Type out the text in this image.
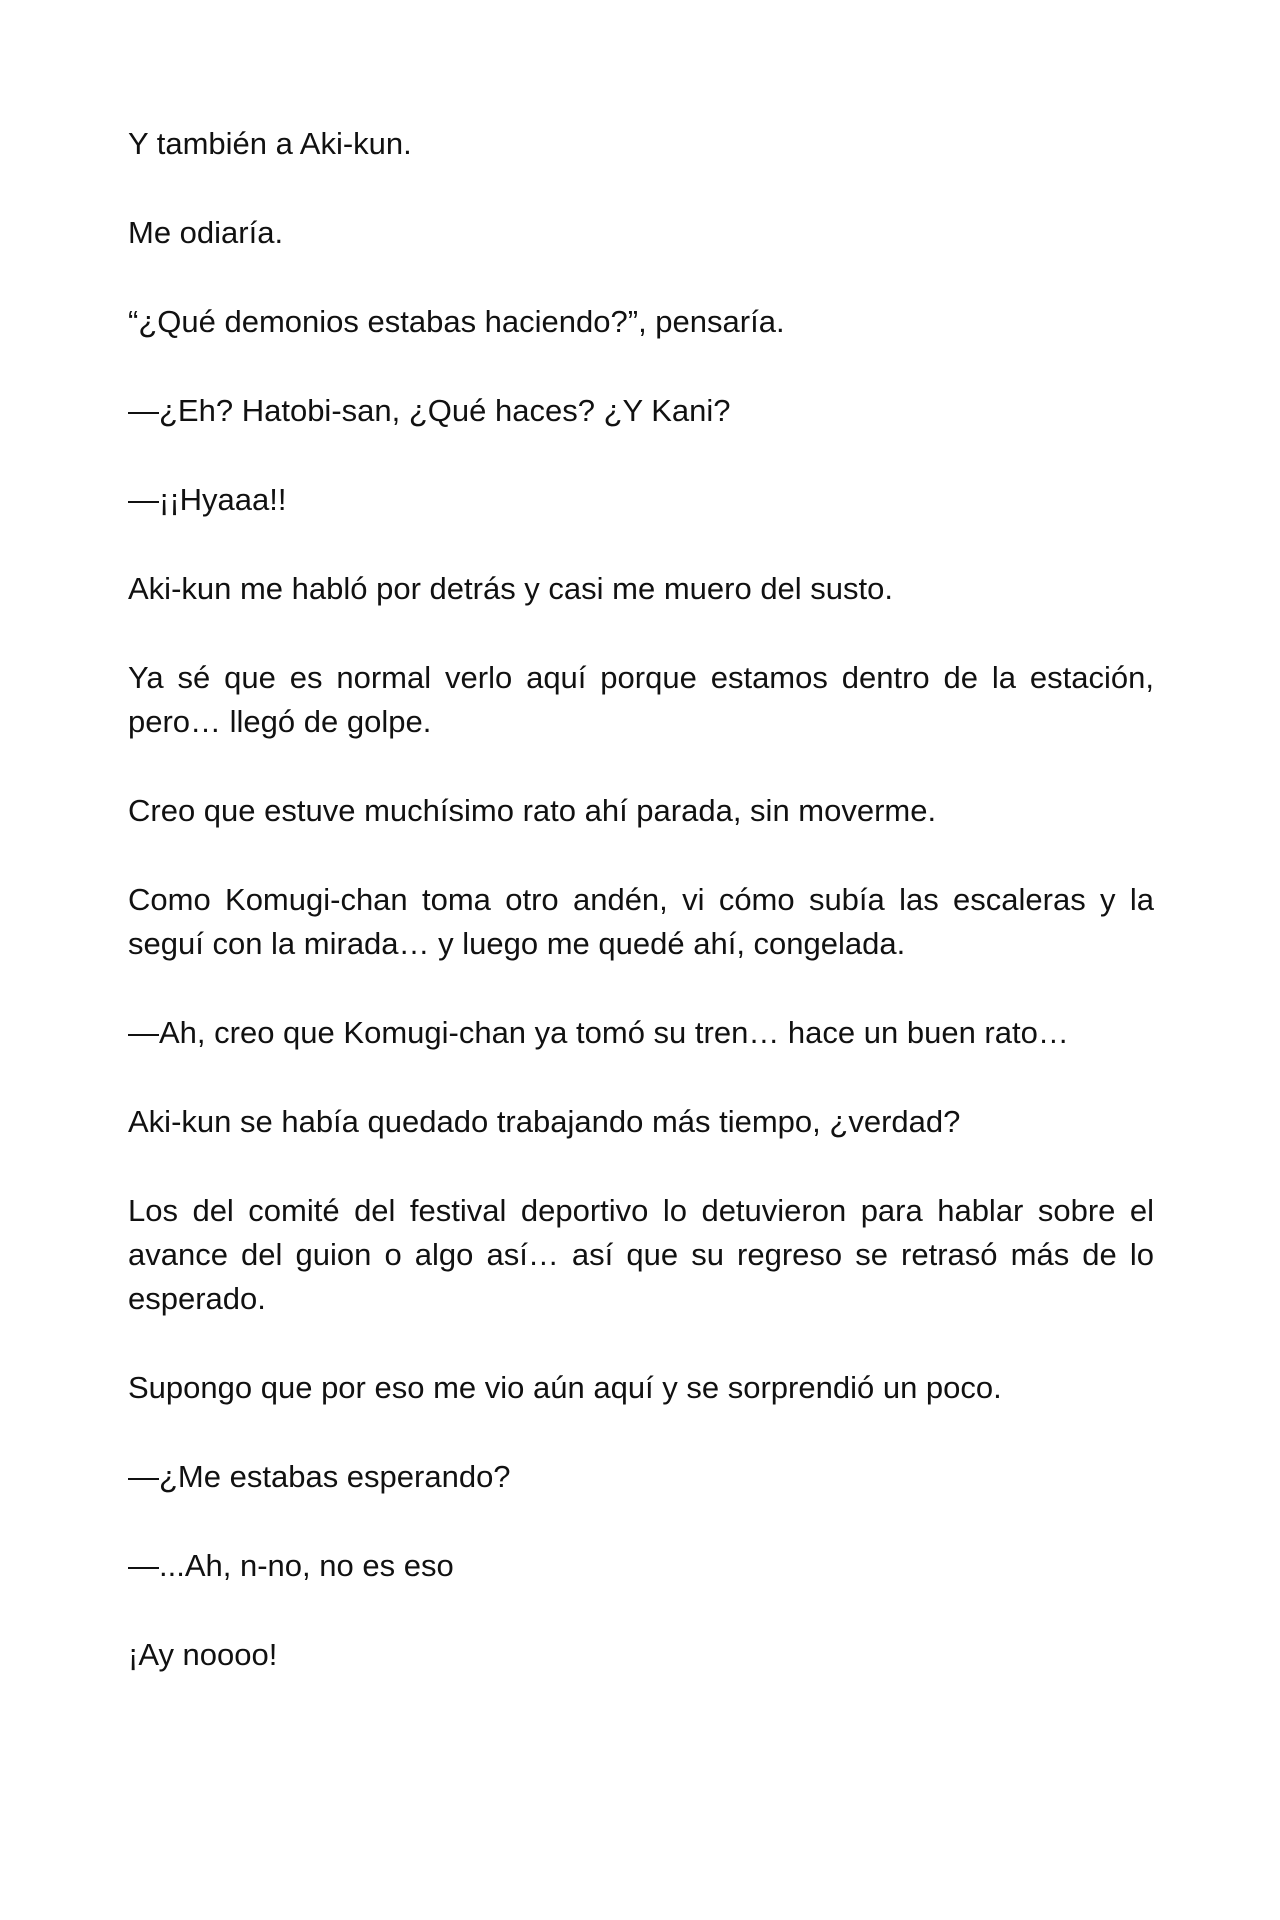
Y también a Aki-kun.

Me odiaría.

“¿Qué demonios estabas haciendo?”, pensaría.

—¿Eh? Hatobi-san, ¿Qué haces? ¿Y Kani?

—¡¡Hyaaa!!

Aki-kun me habló por detrás y casi me muero del susto.

Ya sé que es normal verlo aquí porque estamos dentro de la estación, pero… llegó de golpe.

Creo que estuve muchísimo rato ahí parada, sin moverme.

Como Komugi-chan toma otro andén, vi cómo subía las escaleras y la seguí con la mirada… y luego me quedé ahí, congelada.

—Ah, creo que Komugi-chan ya tomó su tren… hace un buen rato…

Aki-kun se había quedado trabajando más tiempo, ¿verdad?

Los del comité del festival deportivo lo detuvieron para hablar sobre el avance del guion o algo así… así que su regreso se retrasó más de lo esperado.

Supongo que por eso me vio aún aquí y se sorprendió un poco.

—¿Me estabas esperando?

—...Ah, n-no, no es eso

¡Ay noooo!
